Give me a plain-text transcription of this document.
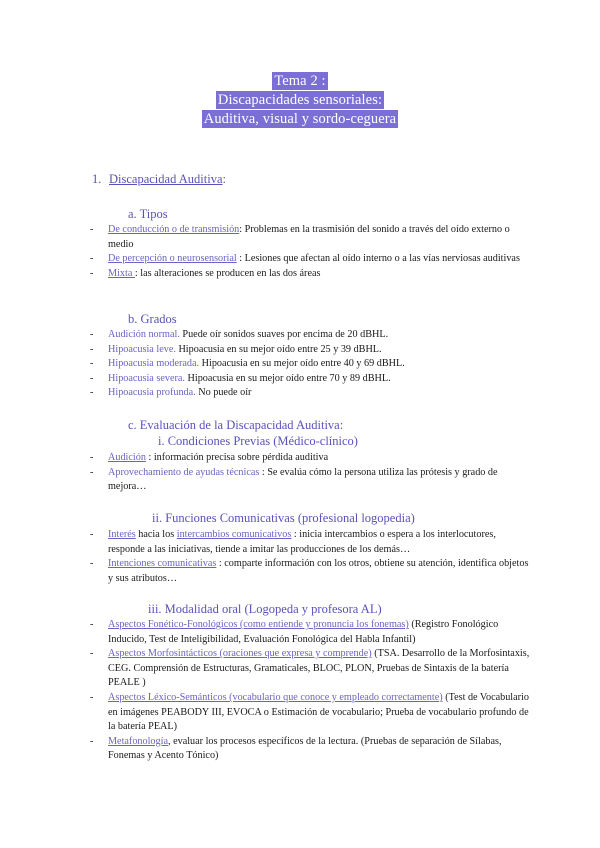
Tema 2 :
Discapacidades sensoriales:
Auditiva, visual y sordo-ceguera
1. Discapacidad Auditiva:
a. Tipos
- De conducción o de transmisión: Problemas en la trasmisión del sonido a través del oído externo o medio
- De percepción o neurosensorial : Lesiones que afectan al oído interno o a las vías nerviosas auditivas
- Mixta : las alteraciones se producen en las dos áreas
b. Grados
- Audición normal. Puede oír sonidos suaves por encima de 20 dBHL.
- Hipoacusia leve. Hipoacusia en su mejor oído entre 25 y 39 dBHL.
- Hipoacusia moderada. Hipoacusia en su mejor oído entre 40 y 69 dBHL.
- Hipoacusia severa. Hipoacusia en su mejor oído entre 70 y 89 dBHL.
- Hipoacusia profunda. No puede oír
c. Evaluación de la Discapacidad Auditiva:
i. Condiciones Previas (Médico-clínico)
- Audición : información precisa sobre pérdida auditiva
- Aprovechamiento de ayudas técnicas : Se evalúa cómo la persona utiliza las prótesis y grado de mejora…
ii. Funciones Comunicativas (profesional logopedia)
- Interés hacia los intercambios comunicativos : inicia intercambios o espera a los interlocutores, responde a las iniciativas, tiende a imitar las producciones de los demás…
- Intenciones comunicativas : comparte información con los otros, obtiene su atención, identifica objetos y sus atributos…
iii. Modalidad oral (Logopeda y profesora AL)
- Aspectos Fonético-Fonológicos (como entiende y pronuncia los fonemas) (Registro Fonológico Inducido, Test de Inteligibilidad, Evaluación Fonológica del Habla Infantil)
- Aspectos Morfosintácticos (oraciones que expresa y comprende) (TSA. Desarrollo de la Morfosintaxis, CEG. Comprensión de Estructuras, Gramaticales, BLOC, PLON, Pruebas de Sintaxis de la batería PEALE )
- Aspectos Léxico-Semánticos (vocabulario que conoce y empleado correctamente) (Test de Vocabulario en imágenes PEABODY III, EVOCA o Estimación de vocabulario; Prueba de vocabulario profundo de la batería PEAL)
- Metafonología, evaluar los procesos específicos de la lectura. (Pruebas de separación de Sílabas, Fonemas y Acento Tónico)
